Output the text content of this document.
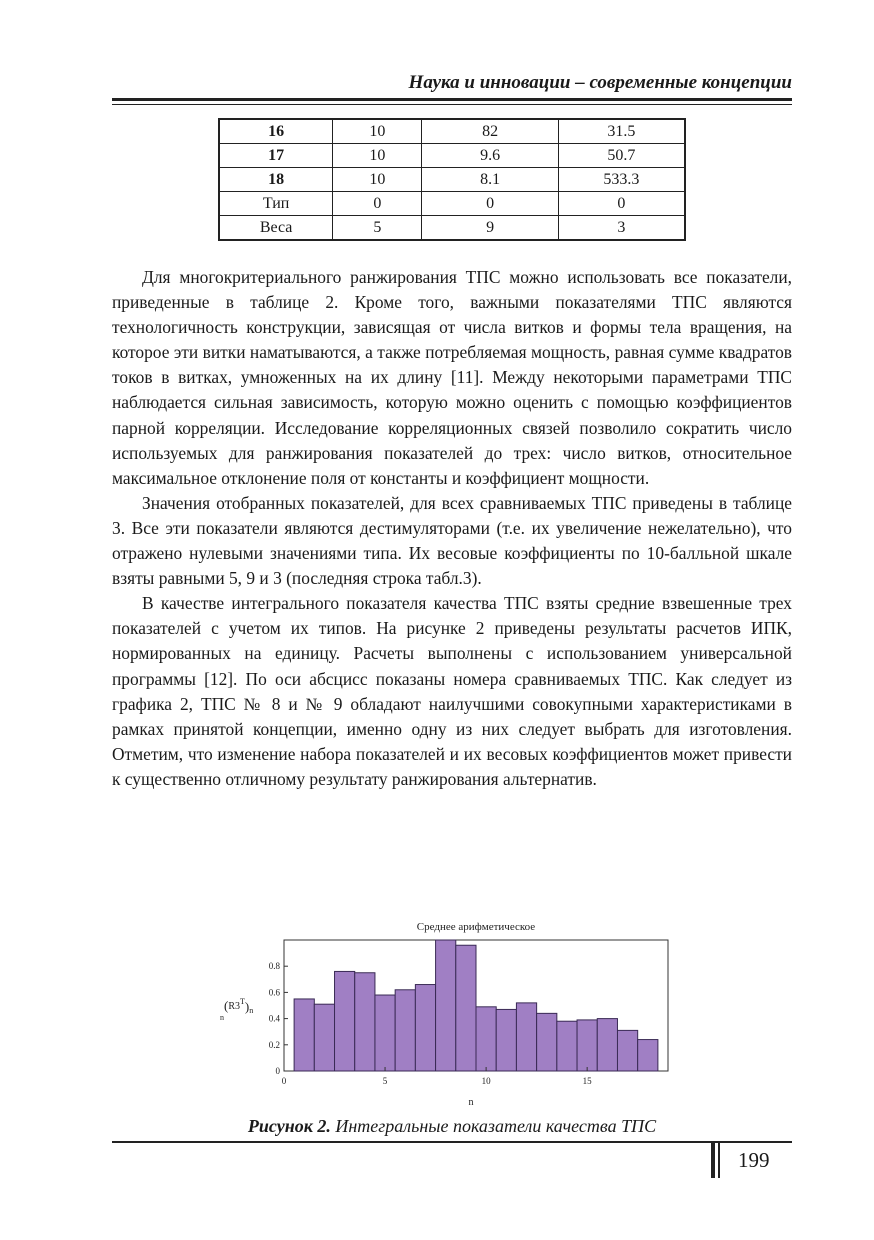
Наука и инновации – современные концепции
16	10	82	31.5
17	10	9.6	50.7
18	10	8.1	533.3
Тип	0	0	0
Веса	5	9	3

Для многокритериального ранжирования ТПС можно использовать все показатели, приведенные в таблице 2. Кроме того, важными показателями ТПС являются технологичность конструкции, зависящая от числа витков и формы тела вращения, на которое эти витки наматываются, а также потребляемая мощность, равная сумме квадратов токов в витках, умноженных на их длину [11]. Между некоторыми параметрами ТПС наблюдается сильная зависимость, которую можно оценить с помощью коэффициентов парной корреляции. Исследование корреляционных связей позволило сократить число используемых для ранжирования показателей до трех: число витков, относительное максимальное отклонение поля от константы и коэффициент мощности.

Значения отобранных показателей, для всех сравниваемых ТПС приведены в таблице 3. Все эти показатели являются дестимуляторами (т.е. их увеличение нежелательно), что отражено нулевыми значениями типа. Их весовые коэффициенты по 10-балльной шкале взяты равными 5, 9 и 3 (последняя строка табл.3).

В качестве интегрального показателя качества ТПС взяты средние взвешенные трех показателей с учетом их типов. На рисунке 2 приведены результаты расчетов ИПК, нормированных на единицу. Расчеты выполнены с использованием универсальной программы [12]. По оси абсцисс показаны номера сравниваемых ТПС. Как следует из графика 2, ТПС № 8 и № 9 обладают наилучшими совокупными характеристиками в рамках принятой концепции, именно одну из них следует выбрать для изготовления. Отметим, что изменение набора показателей и их весовых коэффициентов может привести к существенно отличному результату ранжирования альтернатив.

0
0.2
0.4
0.6
0.8
0	5	10	15
Среднее арифметическое
n
$_n(R3^T)_n$
Рисунок 2. Интегральные показатели качества ТПС
199
